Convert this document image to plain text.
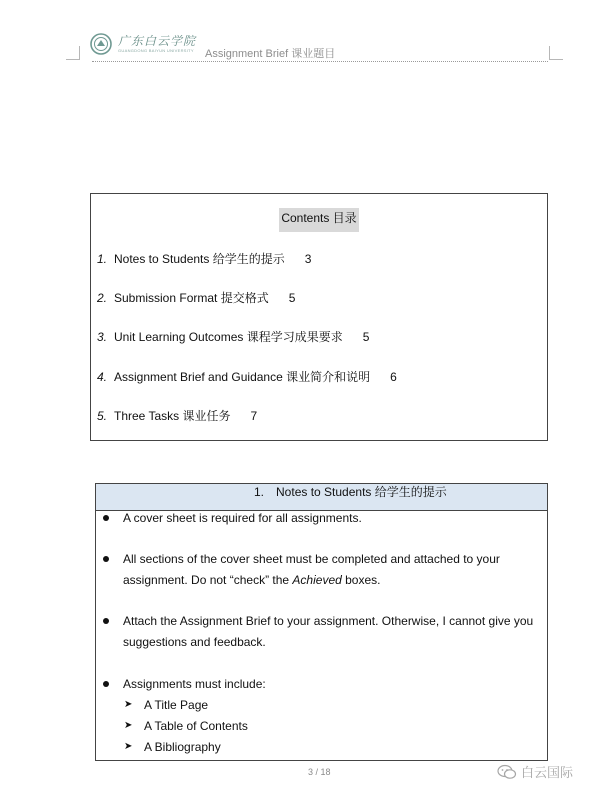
广东白云学院
GUANGDONG BAIYUN UNIVERSITY Assignment Brief 课业题目
Contents 目录
1. Notes to Students 给学生的提示 3
2. Submission Format 提交格式 5
3. Unit Learning Outcomes 课程学习成果要求 5
4. Assignment Brief and Guidance 课业简介和说明 6
5. Three Tasks 课业任务 7
1. Notes to Students 给学生的提示
A cover sheet is required for all assignments.
All sections of the cover sheet must be completed and attached to your
assignment. Do not “check” the Achieved boxes.
Attach the Assignment Brief to your assignment. Otherwise, I cannot give you
suggestions and feedback.
Assignments must include:
➤ A Title Page
➤ A Table of Contents
➤ A Bibliography
3 / 18	白云国际
